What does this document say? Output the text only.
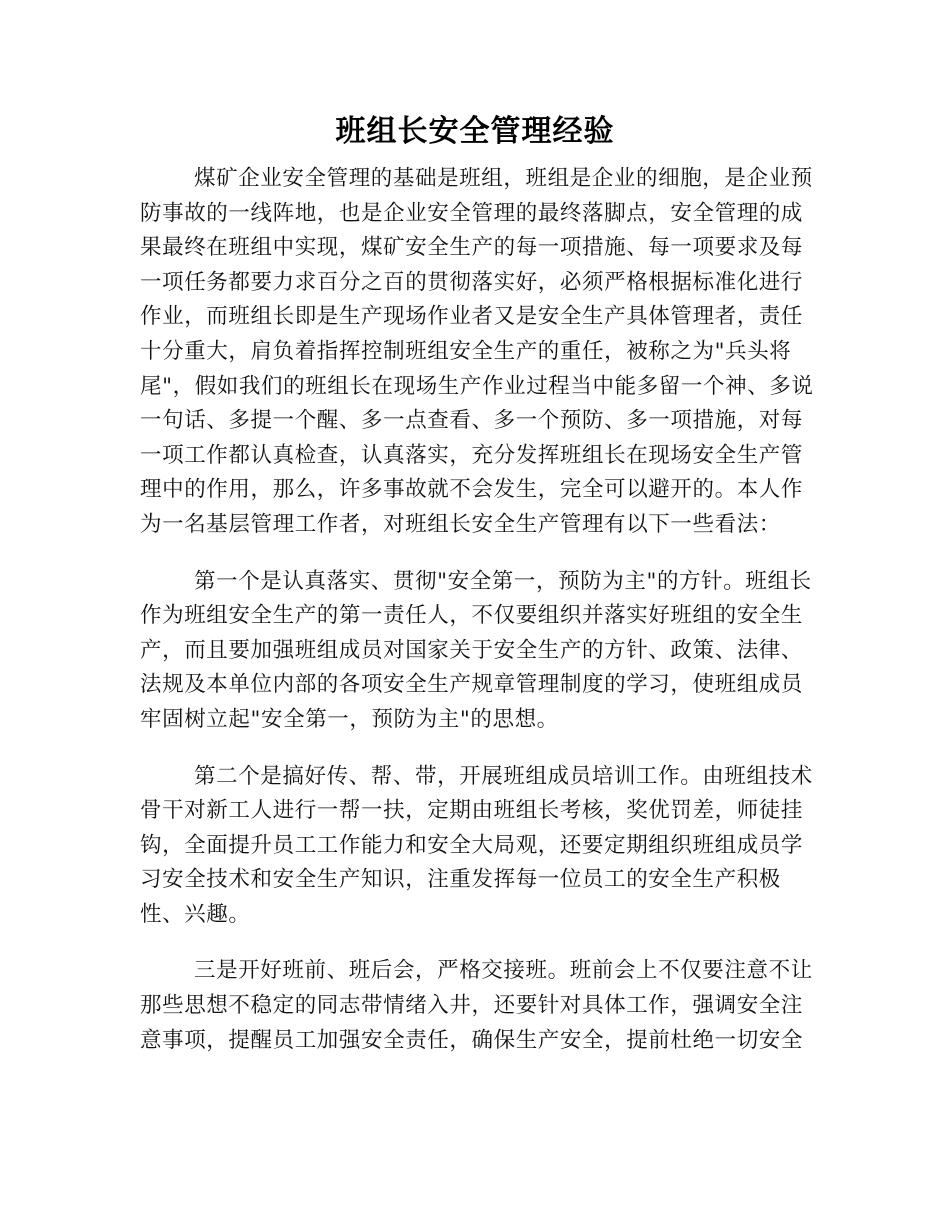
班组长安全管理经验
煤矿企业安全管理的基础是班组，班组是企业的细胞，是企业预
防事故的一线阵地，也是企业安全管理的最终落脚点，安全管理的成
果最终在班组中实现，煤矿安全生产的每一项措施、每一项要求及每
一项任务都要力求百分之百的贯彻落实好，必须严格根据标准化进行
作业，而班组长即是生产现场作业者又是安全生产具体管理者，责任
十分重大，肩负着指挥控制班组安全生产的重任，被称之为"兵头将
尾"，假如我们的班组长在现场生产作业过程当中能多留一个神、多说
一句话、多提一个醒、多一点查看、多一个预防、多一项措施，对每
一项工作都认真检查，认真落实，充分发挥班组长在现场安全生产管
理中的作用，那么，许多事故就不会发生，完全可以避开的。本人作
为一名基层管理工作者，对班组长安全生产管理有以下一些看法：
第一个是认真落实、贯彻"安全第一，预防为主"的方针。班组长
作为班组安全生产的第一责任人，不仅要组织并落实好班组的安全生
产，而且要加强班组成员对国家关于安全生产的方针、政策、法律、
法规及本单位内部的各项安全生产规章管理制度的学习，使班组成员
牢固树立起"安全第一，预防为主"的思想。
第二个是搞好传、帮、带，开展班组成员培训工作。由班组技术
骨干对新工人进行一帮一扶，定期由班组长考核，奖优罚差，师徒挂
钩，全面提升员工工作能力和安全大局观，还要定期组织班组成员学
习安全技术和安全生产知识，注重发挥每一位员工的安全生产积极
性、兴趣。
三是开好班前、班后会，严格交接班。班前会上不仅要注意不让
那些思想不稳定的同志带情绪入井，还要针对具体工作，强调安全注
意事项，提醒员工加强安全责任，确保生产安全，提前杜绝一切安全
